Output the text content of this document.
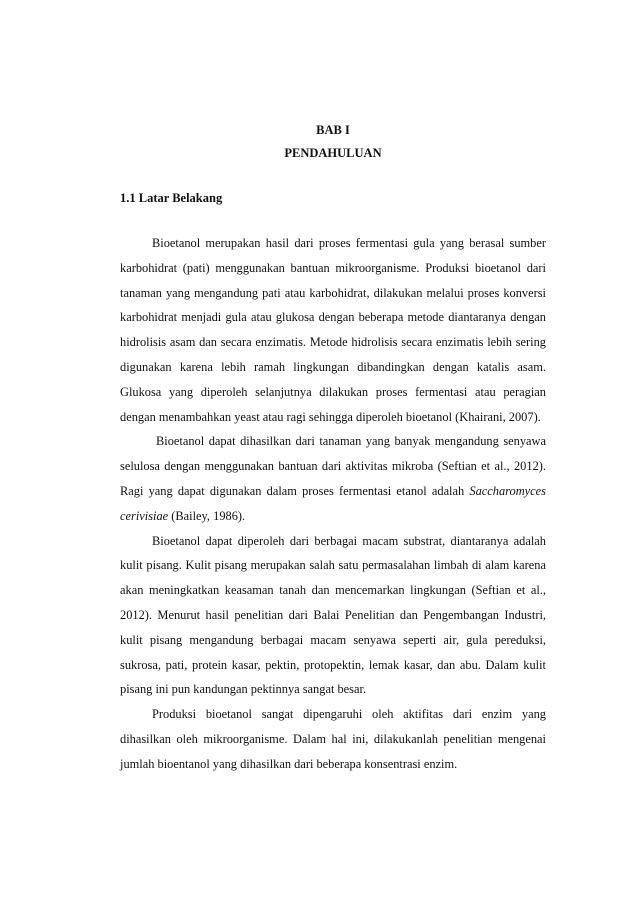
BAB I
PENDAHULUAN
1.1 Latar Belakang

Bioetanol merupakan hasil dari proses fermentasi gula yang berasal sumber karbohidrat (pati) menggunakan bantuan mikroorganisme. Produksi bioetanol dari tanaman yang mengandung pati atau karbohidrat, dilakukan melalui proses konversi karbohidrat menjadi gula atau glukosa dengan beberapa metode diantaranya dengan hidrolisis asam dan secara enzimatis. Metode hidrolisis secara enzimatis lebih sering digunakan karena lebih ramah lingkungan dibandingkan dengan katalis asam. Glukosa yang diperoleh selanjutnya dilakukan proses fermentasi atau peragian dengan menambahkan yeast atau ragi sehingga diperoleh bioetanol (Khairani, 2007).

Bioetanol dapat dihasilkan dari tanaman yang banyak mengandung senyawa selulosa dengan menggunakan bantuan dari aktivitas mikroba (Seftian et al., 2012). Ragi yang dapat digunakan dalam proses fermentasi etanol adalah Saccharomyces cerivisiae (Bailey, 1986).

Bioetanol dapat diperoleh dari berbagai macam substrat, diantaranya adalah kulit pisang. Kulit pisang merupakan salah satu permasalahan limbah di alam karena akan meningkatkan keasaman tanah dan mencemarkan lingkungan (Seftian et al., 2012). Menurut hasil penelitian dari Balai Penelitian dan Pengembangan Industri, kulit pisang mengandung berbagai macam senyawa seperti air, gula pereduksi, sukrosa, pati, protein kasar, pektin, protopektin, lemak kasar, dan abu. Dalam kulit pisang ini pun kandungan pektinnya sangat besar.

Produksi bioetanol sangat dipengaruhi oleh aktifitas dari enzim yang dihasilkan oleh mikroorganisme. Dalam hal ini, dilakukanlah penelitian mengenai jumlah bioentanol yang dihasilkan dari beberapa konsentrasi enzim.
